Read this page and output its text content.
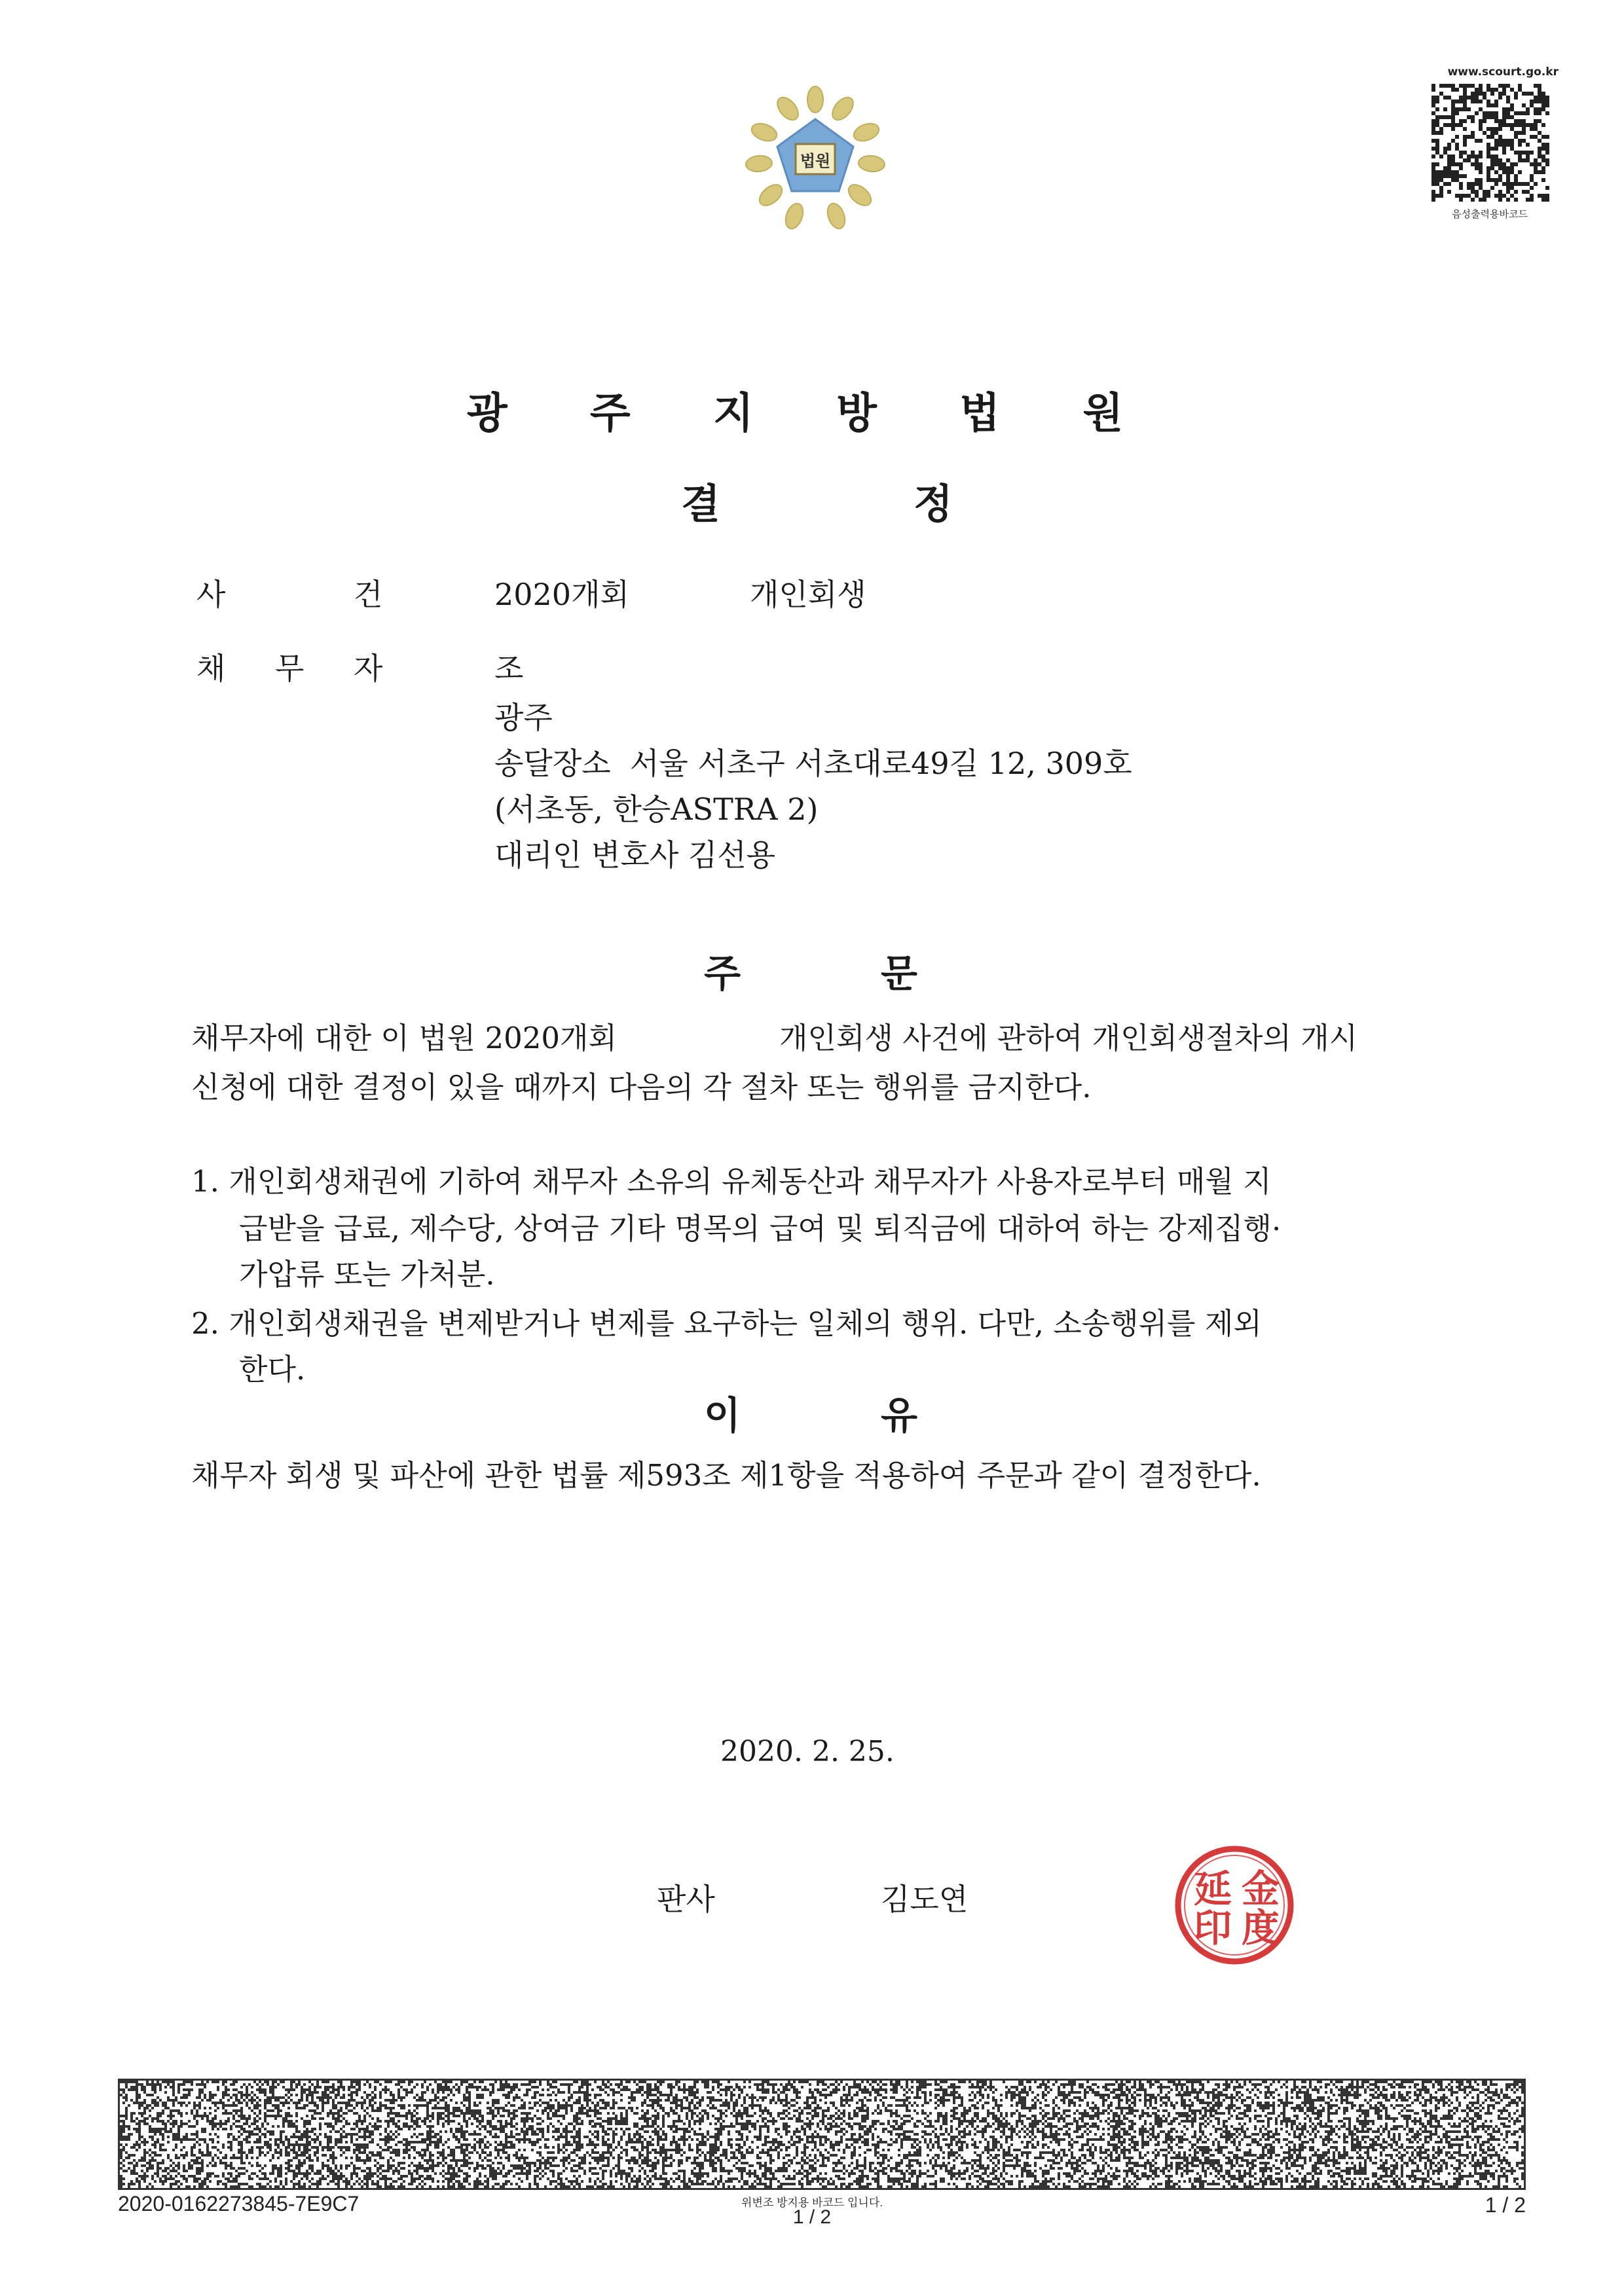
법원
www.scourt.go.kr
음성출력용바코드
광 주 지 방 법 원
결	정
사	건	2020개회	개인회생
채 무 자	조
광주
송달장소  서울 서초구 서초대로49길 12, 309호
(서초동, 한승ASTRA 2)
대리인 변호사 김선용
주	문
채무자에 대한 이 법원 2020개회	개인회생 사건에 관하여 개인회생절차의 개시
신청에 대한 결정이 있을 때까지 다음의 각 절차 또는 행위를 금지한다.
1. 개인회생채권에 기하여 채무자 소유의 유체동산과 채무자가 사용자로부터 매월 지
급받을 급료, 제수당, 상여금 기타 명목의 급여 및 퇴직금에 대하여 하는 강제집행·
가압류 또는 가처분.
2. 개인회생채권을 변제받거나 변제를 요구하는 일체의 행위. 다만, 소송행위를 제외
한다.
이	유
채무자 회생 및 파산에 관한 법률 제593조 제1항을 적용하여 주문과 같이 결정한다.
2020. 2. 25.
판사	김도연	金
度
延
印
2020-0162273845-7E9C7	위변조 방지용 바코드 입니다.
1 / 2
1 / 2
